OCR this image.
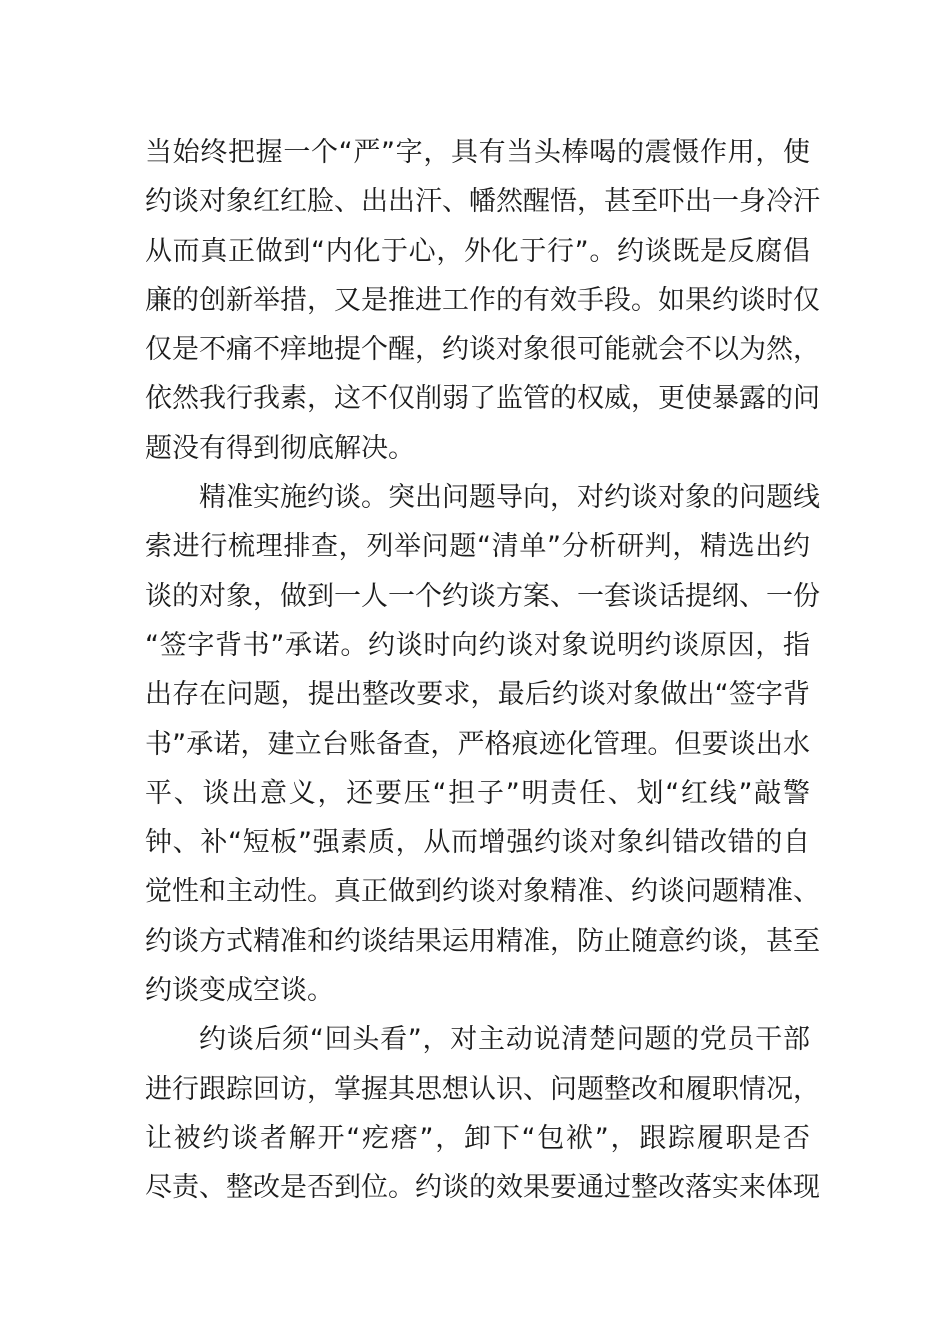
当始终把握一个“严”字，具有当头棒喝的震慑作用，使
约谈对象红红脸、出出汗、幡然醒悟，甚至吓出一身冷汗
从而真正做到“内化于心，外化于行”。约谈既是反腐倡
廉的创新举措，又是推进工作的有效手段。如果约谈时仅
仅是不痛不痒地提个醒，约谈对象很可能就会不以为然，
依然我行我素，这不仅削弱了监管的权威，更使暴露的问
题没有得到彻底解决。
精准实施约谈。突出问题导向，对约谈对象的问题线
索进行梳理排查，列举问题“清单”分析研判，精选出约
谈的对象，做到一人一个约谈方案、一套谈话提纲、一份
“签字背书”承诺。约谈时向约谈对象说明约谈原因，指
出存在问题，提出整改要求，最后约谈对象做出“签字背
书”承诺，建立台账备查，严格痕迹化管理。但要谈出水
平、谈出意义，还要压“担子”明责任、划“红线”敲警
钟、补“短板”强素质，从而增强约谈对象纠错改错的自
觉性和主动性。真正做到约谈对象精准、约谈问题精准、
约谈方式精准和约谈结果运用精准，防止随意约谈，甚至
约谈变成空谈。
约谈后须“回头看”，对主动说清楚问题的党员干部
进行跟踪回访，掌握其思想认识、问题整改和履职情况，
让被约谈者解开“疙瘩”，卸下“包袱”，跟踪履职是否
尽责、整改是否到位。约谈的效果要通过整改落实来体现
